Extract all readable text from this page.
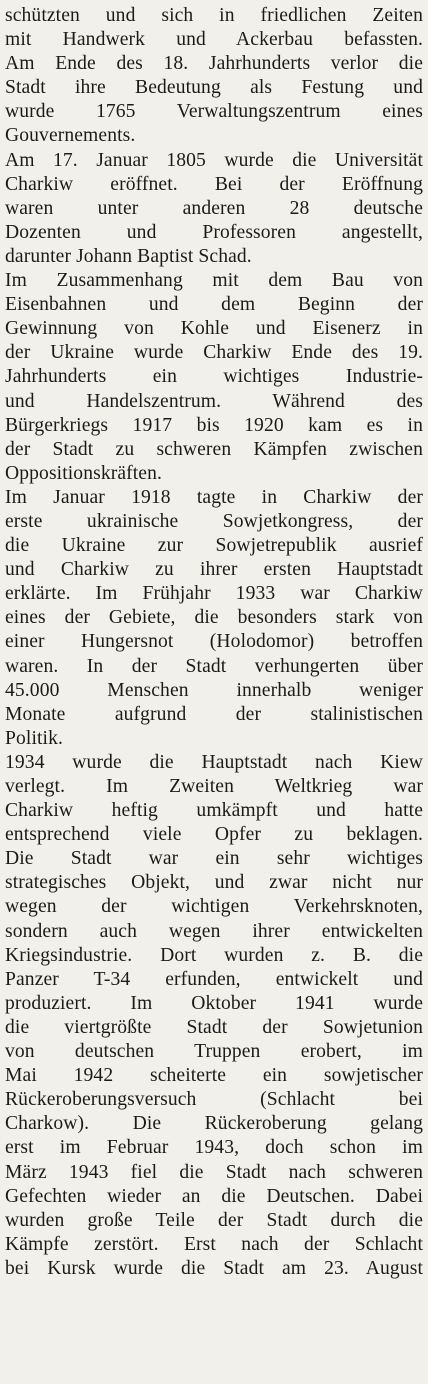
schützten und sich in friedlichen Zeiten
mit Handwerk und Ackerbau befassten.
Am Ende des 18. Jahrhunderts verlor die
Stadt ihre Bedeutung als Festung und
wurde 1765 Verwaltungszentrum eines
Gouvernements.
Am 17. Januar 1805 wurde die Universität
Charkiw eröffnet. Bei der Eröffnung
waren unter anderen 28 deutsche
Dozenten und Professoren angestellt,
darunter Johann Baptist Schad.
Im Zusammenhang mit dem Bau von
Eisenbahnen und dem Beginn der
Gewinnung von Kohle und Eisenerz in
der Ukraine wurde Charkiw Ende des 19.
Jahrhunderts ein wichtiges Industrie-
und Handelszentrum. Während des
Bürgerkriegs 1917 bis 1920 kam es in
der Stadt zu schweren Kämpfen zwischen
Oppositionskräften.
Im Januar 1918 tagte in Charkiw der
erste ukrainische Sowjetkongress, der
die Ukraine zur Sowjetrepublik ausrief
und Charkiw zu ihrer ersten Hauptstadt
erklärte. Im Frühjahr 1933 war Charkiw
eines der Gebiete, die besonders stark von
einer Hungersnot (Holodomor) betroffen
waren. In der Stadt verhungerten über
45.000 Menschen innerhalb weniger
Monate aufgrund der stalinistischen
Politik.
1934 wurde die Hauptstadt nach Kiew
verlegt. Im Zweiten Weltkrieg war
Charkiw heftig umkämpft und hatte
entsprechend viele Opfer zu beklagen.
Die Stadt war ein sehr wichtiges
strategisches Objekt, und zwar nicht nur
wegen der wichtigen Verkehrsknoten,
sondern auch wegen ihrer entwickelten
Kriegsindustrie. Dort wurden z. B. die
Panzer T-34 erfunden, entwickelt und
produziert. Im Oktober 1941 wurde
die viertgrößte Stadt der Sowjetunion
von deutschen Truppen erobert, im
Mai 1942 scheiterte ein sowjetischer
Rückeroberungsversuch (Schlacht bei
Charkow). Die Rückeroberung gelang
erst im Februar 1943, doch schon im
März 1943 fiel die Stadt nach schweren
Gefechten wieder an die Deutschen. Dabei
wurden große Teile der Stadt durch die
Kämpfe zerstört. Erst nach der Schlacht
bei Kursk wurde die Stadt am 23. August
